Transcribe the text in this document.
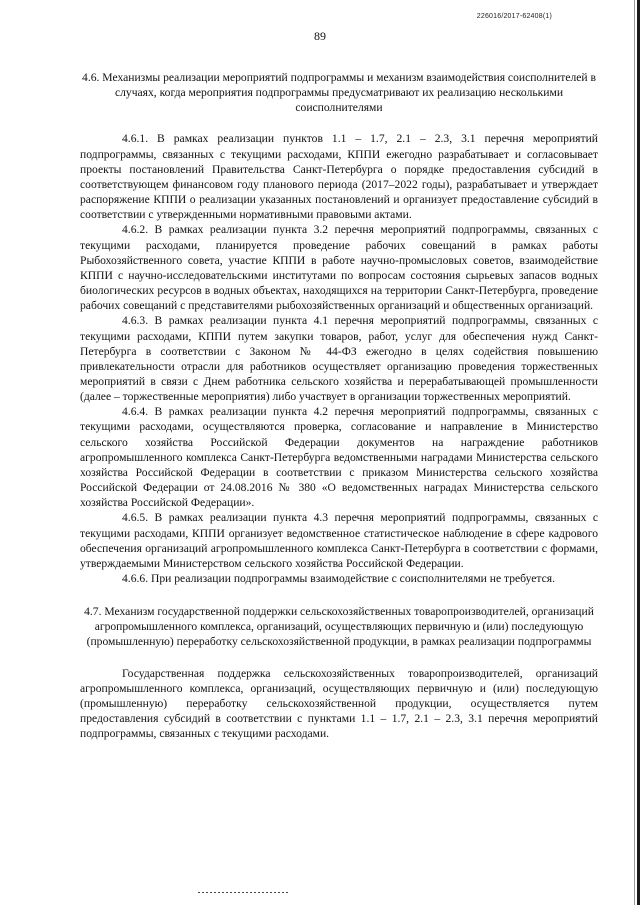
226016/2017-62408(1)
89
4.6. Механизмы реализации мероприятий подпрограммы и механизм взаимодействия соисполнителей в случаях, когда мероприятия подпрограммы предусматривают их реализацию несколькими соисполнителями

4.6.1. В рамках реализации пунктов 1.1 – 1.7, 2.1 – 2.3, 3.1 перечня мероприятий подпрограммы, связанных с текущими расходами, КППИ ежегодно разрабатывает и согласовывает проекты постановлений Правительства Санкт-Петербурга о порядке предоставления субсидий в соответствующем финансовом году планового периода (2017–2022 годы), разрабатывает и утверждает распоряжение КППИ о реализации указанных постановлений и организует предоставление субсидий в соответствии с утвержденными нормативными правовыми актами.

4.6.2. В рамках реализации пункта 3.2 перечня мероприятий подпрограммы, связанных с текущими расходами, планируется проведение рабочих совещаний в рамках работы Рыбохозяйственного совета, участие КППИ в работе научно-промысловых советов, взаимодействие КППИ с научно-исследовательскими институтами по вопросам состояния сырьевых запасов водных биологических ресурсов в водных объектах, находящихся на территории Санкт-Петербурга, проведение рабочих совещаний с представителями рыбохозяйственных организаций и общественных организаций.

4.6.3. В рамках реализации пункта 4.1 перечня мероприятий подпрограммы, связанных с текущими расходами, КППИ путем закупки товаров, работ, услуг для обеспечения нужд Санкт-Петербурга в соответствии с Законом № 44-ФЗ ежегодно в целях содействия повышению привлекательности отрасли для работников осуществляет организацию проведения торжественных мероприятий в связи с Днем работника сельского хозяйства и перерабатывающей промышленности (далее – торжественные мероприятия) либо участвует в организации торжественных мероприятий.

4.6.4. В рамках реализации пункта 4.2 перечня мероприятий подпрограммы, связанных с текущими расходами, осуществляются проверка, согласование и направление в Министерство сельского хозяйства Российской Федерации документов на награждение работников агропромышленного комплекса Санкт-Петербурга ведомственными наградами Министерства сельского хозяйства Российской Федерации в соответствии с приказом Министерства сельского хозяйства Российской Федерации от 24.08.2016 № 380 «О ведомственных наградах Министерства сельского хозяйства Российской Федерации».

4.6.5. В рамках реализации пункта 4.3 перечня мероприятий подпрограммы, связанных с текущими расходами, КППИ организует ведомственное статистическое наблюдение в сфере кадрового обеспечения организаций агропромышленного комплекса Санкт-Петербурга в соответствии с формами, утверждаемыми Министерством сельского хозяйства Российской Федерации.

4.6.6. При реализации подпрограммы взаимодействие с соисполнителями не требуется.

4.7. Механизм государственной поддержки сельскохозяйственных товаропроизводителей, организаций агропромышленного комплекса, организаций, осуществляющих первичную и (или) последующую (промышленную) переработку сельскохозяйственной продукции, в рамках реализации подпрограммы

Государственная поддержка сельскохозяйственных товаропроизводителей, организаций агропромышленного комплекса, организаций, осуществляющих первичную и (или) последующую (промышленную) переработку сельскохозяйственной продукции, осуществляется путем предоставления субсидий в соответствии с пунктами 1.1 – 1.7, 2.1 – 2.3, 3.1 перечня мероприятий подпрограммы, связанных с текущими расходами.
